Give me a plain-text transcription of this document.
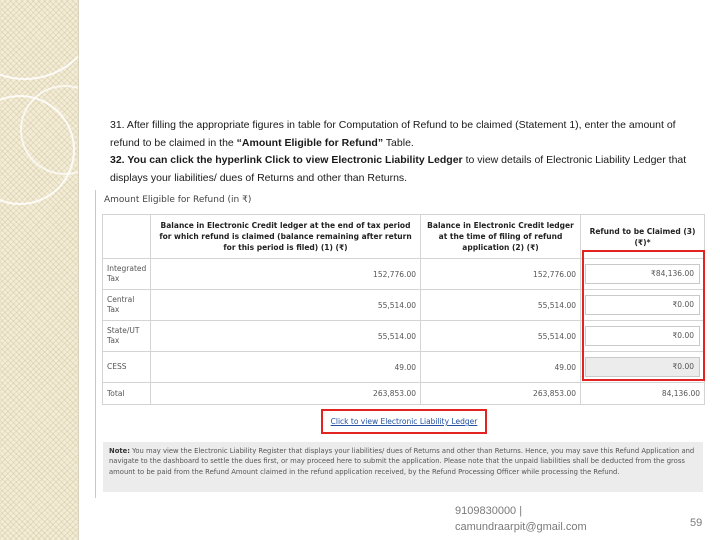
31. After filling the appropriate figures in table for Computation of Refund to be claimed (Statement 1), enter the amount of refund to be claimed in the “Amount Eligible for Refund” Table.

32. You can click the hyperlink Click to view Electronic Liability Ledger to view details of Electronic Liability Ledger that displays your liabilities/ dues of Returns and other than Returns.

Amount Eligible for Refund (in ₹)
	Balance in Electronic Credit ledger at the end of tax period for which refund is claimed (balance remaining after return for this period is filed) (1) (₹)	Balance in Electronic Credit ledger at the time of filing of refund application (2) (₹)	Refund to be Claimed (3) (₹)*
Integrated Tax	152,776.00	152,776.00	₹84,136.00

Central Tax	55,514.00	55,514.00	₹0.00

State/UT Tax	55,514.00	55,514.00	₹0.00

CESS	49.00	49.00	₹0.00

Total	263,853.00	263,853.00	84,136.00
Click to view Electronic Liability Ledger
Note: You may view the Electronic Liability Register that displays your liabilities/ dues of Returns and other than Returns. Hence, you may save this Refund Application and navigate to the dashboard to settle the dues first, or may proceed here to submit the application. Please note that the unpaid liabilities shall be deducted from the gross amount to be paid from the Refund Amount claimed in the refund application received, by the Refund Processing Officer while processing the Refund.
9109830000 |
camundraarpit@gmail.com	59
